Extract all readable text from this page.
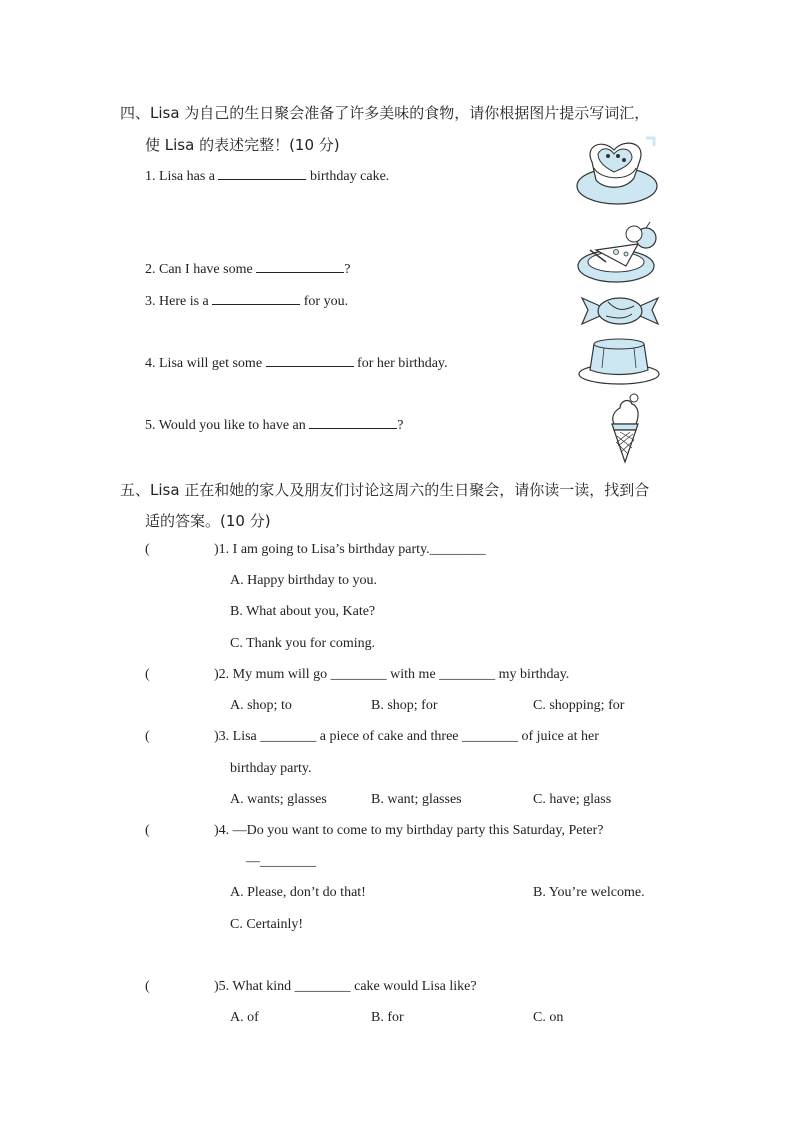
四、Lisa 为自己的生日聚会准备了许多美味的食物，请你根据图片提示写词汇，
使 Lisa 的表述完整！(10 分)
1. Lisa has a	birthday cake.
2. Can I have some	?
3. Here is a	for you.
4. Lisa will get some	for her birthday.
5. Would you like to have an	?
五、Lisa 正在和她的家人及朋友们讨论这周六的生日聚会，请你读一读，找到合
适的答案。(10 分)
(	)1. I am going to Lisa’s birthday party.________
A. Happy birthday to you.
B. What about you, Kate?
C. Thank you for coming.
(	)2. My mum will go ________ with me ________ my birthday.
A. shop; to	B. shop; for	C. shopping; for
(	)3. Lisa ________ a piece of cake and three ________ of juice at her
birthday party.
A. wants; glasses	B. want; glasses	C. have; glass
(	)4. —Do you want to come to my birthday party this Saturday, Peter?
—________
A. Please, don’t do that!	B. You’re welcome.
C. Certainly!
(	)5. What kind ________ cake would Lisa like?
A. of	B. for	C. on
